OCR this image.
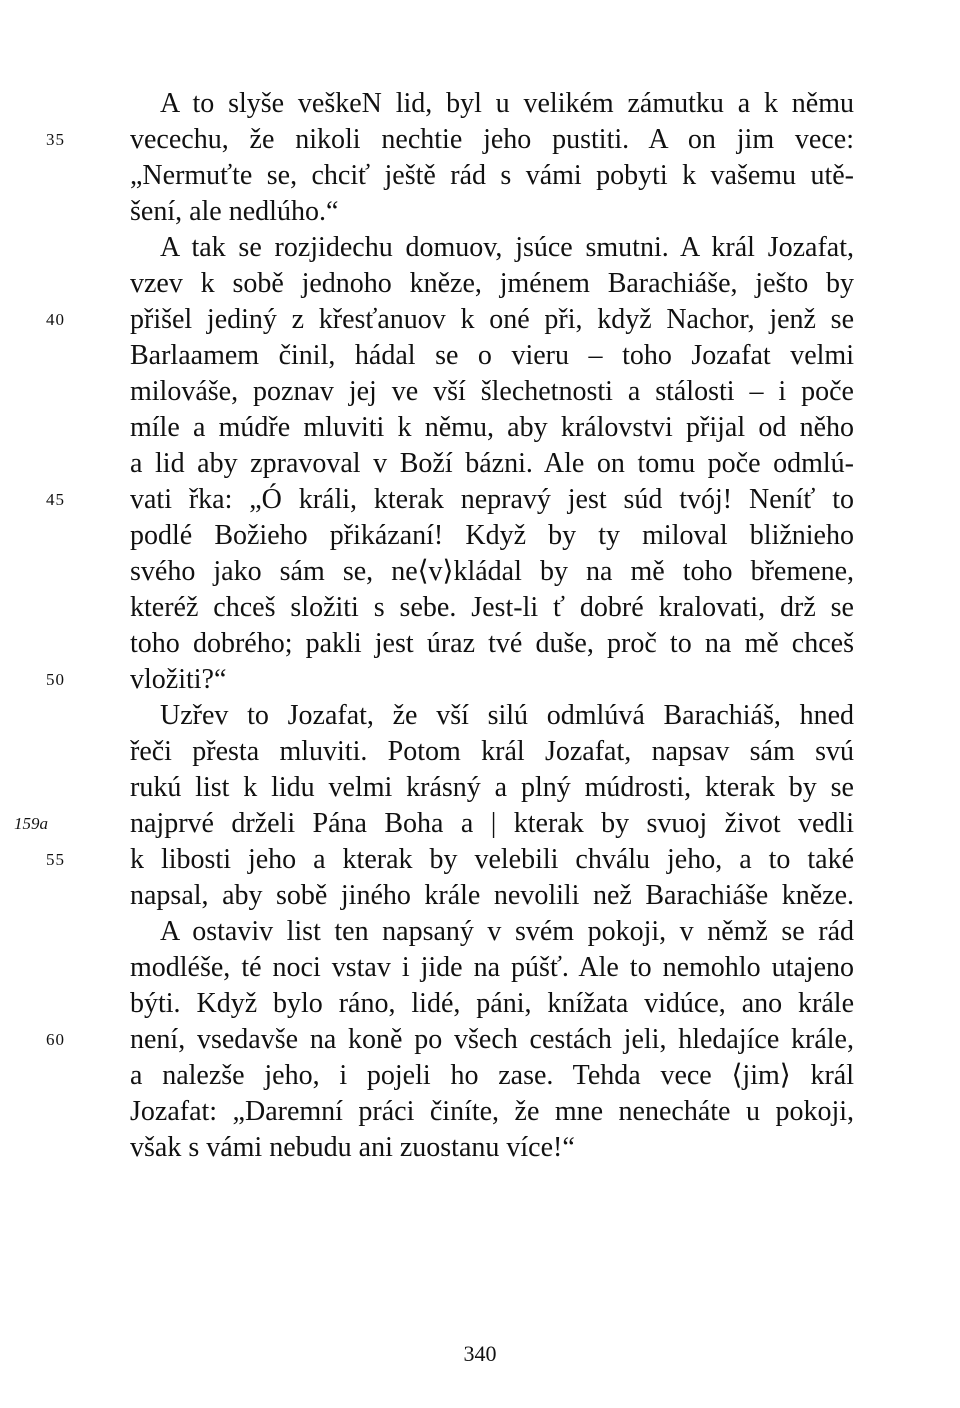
A to slyše veškeN lid, byl u velikém zámutku a k němu
vecechu, že nikoli nechtie jeho pustiti. A on jim vece:
„Nermuťte se, chciť ještě rád s vámi pobyti k vašemu utě-
šení, ale nedlúho.“
A tak se rozjidechu domuov, jsúce smutni. A král Jozafat,
vzev k sobě jednoho kněze, jménem Barachiáše, ješto by
přišel jediný z křesťanuov k oné při, když Nachor, jenž se
Barlaamem činil, hádal se o vieru – toho Jozafat velmi
milováše, poznav jej ve vší šlechetnosti a stálosti – i poče
míle a múdře mluviti k němu, aby královstvi přijal od něho
a lid aby zpravoval v Boží bázni. Ale on tomu poče odmlú-
vati řka: „Ó králi, kterak nepravý jest súd tvój! Neníť to
podlé Božieho přikázaní! Když by ty miloval bližnieho
svého jako sám se, ne⟨v⟩kládal by na mě toho břemene,
kteréž chceš složiti s sebe. Jest-li ť dobré kralovati, drž se
toho dobrého; pakli jest úraz tvé duše, proč to na mě chceš
vložiti?“
Uzřev to Jozafat, že vší silú odmlúvá Barachiáš, hned
řeči přesta mluviti. Potom král Jozafat, napsav sám svú
rukú list k lidu velmi krásný a plný múdrosti, kterak by se
najprvé drželi Pána Boha a | kterak by svuoj život vedli
k libosti jeho a kterak by velebili chválu jeho, a to také
napsal, aby sobě jiného krále nevolili než Barachiáše kněze.
A ostaviv list ten napsaný v svém pokoji, v němž se rád
modléše, té noci vstav i jide na púšť. Ale to nemohlo utajeno
býti. Když bylo ráno, lidé, páni, knížata vidúce, ano krále
není, vsedavše na koně po všech cestách jeli, hledajíce krále,
a nalezše jeho, i pojeli ho zase. Tehda vece ⟨jim⟩ král
Jozafat: „Daremní práci činíte, že mne nenecháte u pokoji,
však s vámi nebudu ani zuostanu více!“
35
40
45
50
55
60
159a
340
